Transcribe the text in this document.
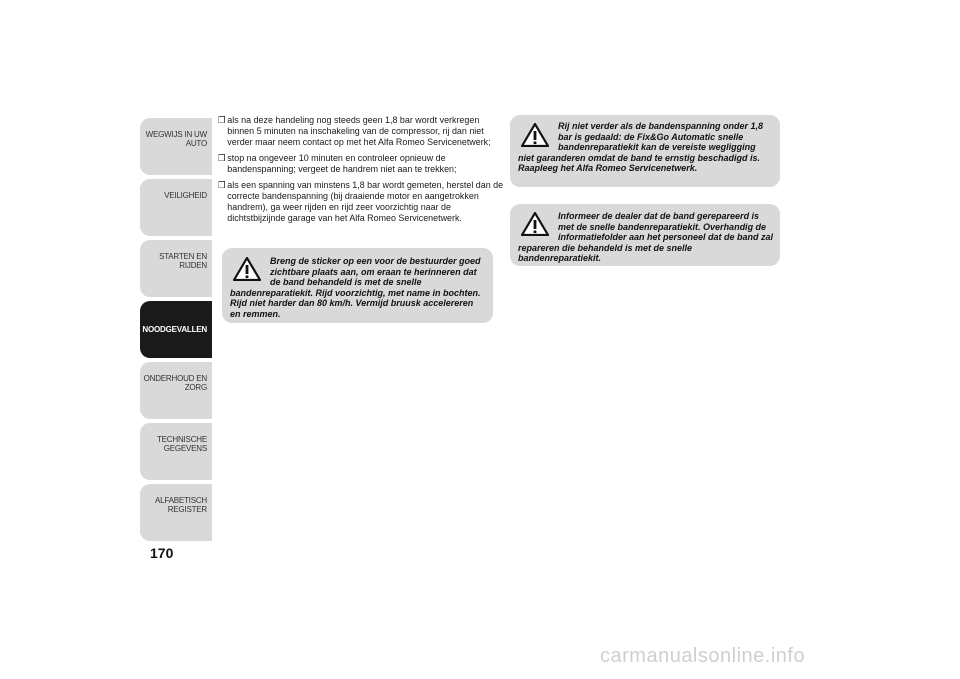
WEGWIJS IN UW
AUTO
VEILIGHEID
STARTEN EN RIJDEN
NOODGEVALLEN
ONDERHOUD EN
ZORG
TECHNISCHE
GEGEVENS
ALFABETISCH
REGISTER
170
❒ als na deze handeling nog steeds geen 1,8 bar wordt verkregen binnen 5 minuten na inschakeling van de compressor, rij dan niet verder maar neem contact op met het Alfa Romeo Servicenetwerk;
❒ stop na ongeveer 10 minuten en controleer opnieuw de bandenspanning; vergeet de handrem niet aan te trekken;
❒ als een spanning van minstens 1,8 bar wordt gemeten, herstel dan de correcte bandenspanning (bij draaiende motor en aangetrokken handrem), ga weer rijden en rijd zeer voorzichtig naar de dichtstbijzijnde garage van het Alfa Romeo Servicenetwerk.
Breng de sticker op een voor de bestuurder goed zichtbare plaats aan, om eraan te herinneren dat de band behandeld is met de snelle bandenreparatiekit. Rijd voorzichtig, met name in bochten. Rijd niet harder dan 80 km/h. Vermijd bruusk accelereren en remmen.
Rij niet verder als de bandenspanning onder 1,8 bar is gedaald: de Fix&Go Automatic snelle bandenreparatiekit kan de vereiste wegligging niet garanderen omdat de band te ernstig beschadigd is. Raapleeg het Alfa Romeo Servicenetwerk.
Informeer de dealer dat de band gerepareerd is met de snelle bandenreparatiekit. Overhandig de informatiefolder aan het personeel dat de band zal repareren die behandeld is met de snelle bandenreparatiekit.
carmanualsonline.info
